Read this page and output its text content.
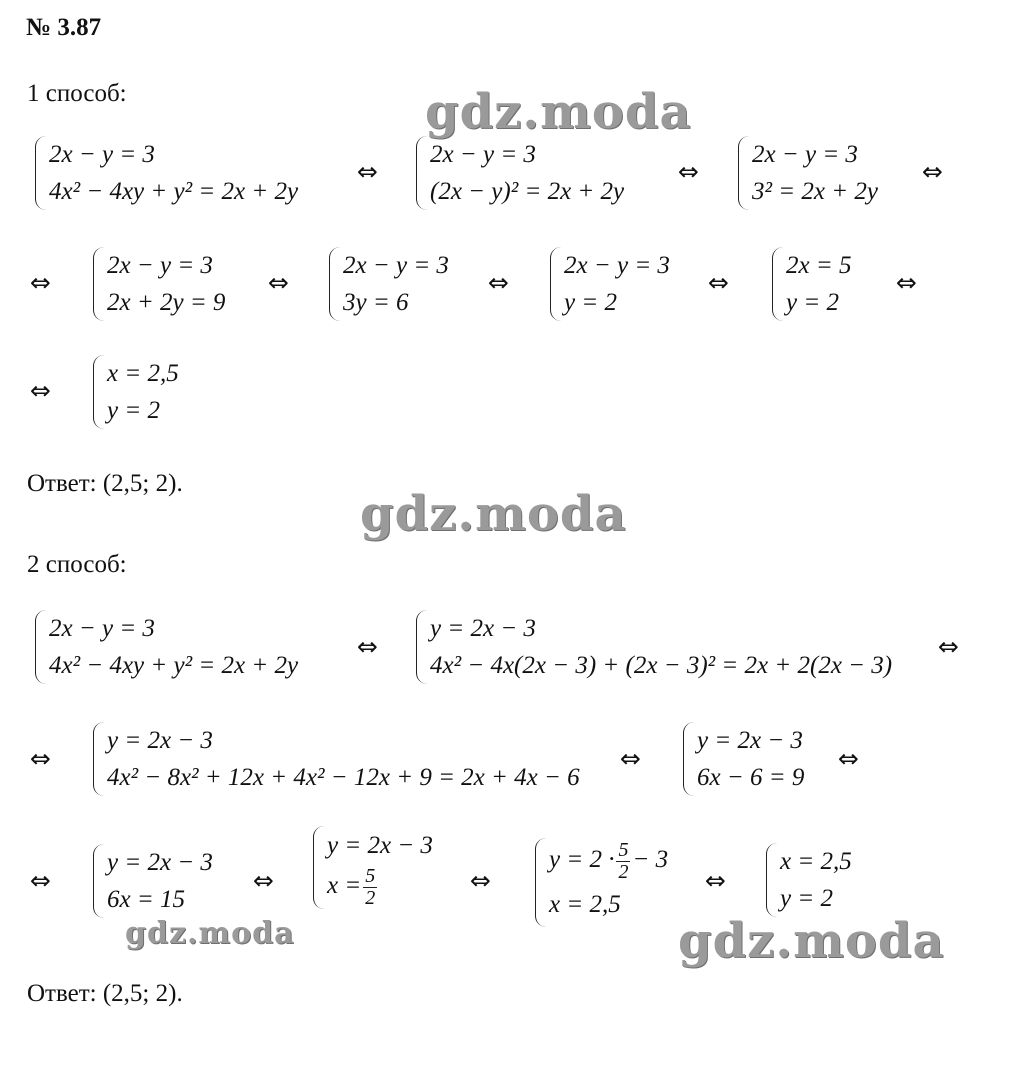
№ 3.87
1 способ:
2x − y = 3
4x² − 4xy + y² = 2x + 2y
⇔
2x − y = 3
(2x − y)² = 2x + 2y
⇔
2x − y = 3
3² = 2x + 2y
⇔
⇔
2x − y = 3
2x + 2y = 9
⇔
2x − y = 3
3y = 6
⇔
2x − y = 3
y = 2
⇔
2x = 5
y = 2
⇔
⇔
x = 2,5
y = 2
Ответ: (2,5; 2).
2 способ:
2x − y = 3
4x² − 4xy + y² = 2x + 2y
⇔
y = 2x − 3
4x² − 4x(2x − 3) + (2x − 3)² = 2x + 2(2x − 3)
⇔
⇔
y = 2x − 3
4x² − 8x² + 12x + 4x² − 12x + 9 = 2x + 4x − 6
⇔
y = 2x − 3
6x − 6 = 9
⇔
⇔
y = 2x − 3
6x = 15
⇔
y = 2x − 3
$x = \frac{5}{2}$	⇔
$y = 2 \cdot \frac{5}{2} - 3$
x = 2,5
⇔
x = 2,5
y = 2
Ответ: (2,5; 2).
gdz.moda
gdz.moda
gdz.moda	gdz.moda
